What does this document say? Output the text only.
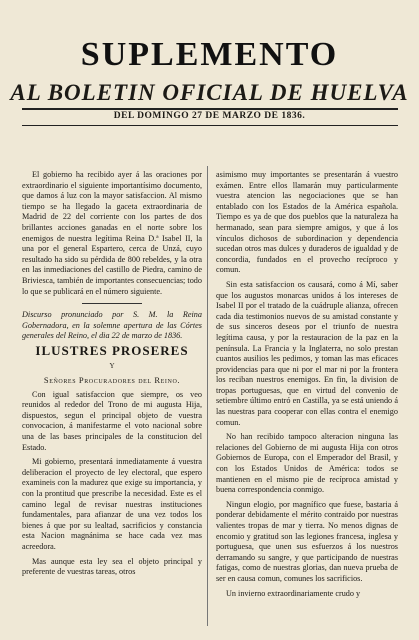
SUPLEMENTO
AL BOLETIN OFICIAL DE HUELVA
DEL DOMINGO 27 DE MARZO DE 1836.

El gobierno ha recibido ayer á las oraciones por extraordinario el siguiente importantísimo documento, que damos á luz con la mayor satisfaccion. Al mismo tiempo se ha llegado la gaceta extraordinaria de Madrid de 22 del corriente con los partes de dos brillantes acciones ganadas en el norte sobre los enemigos de nuestra legítima Reina D.ª Isabel II, la una por el general Espartero, cerca de Unzá, cuyo resultado ha sido su pérdida de 800 rebeldes, y la otra en las inmediaciones del castillo de Piedra, camino de Briviesca, también de importantes consecuencias; todo lo que se publicará en el número siguiente.

Discurso pronunciado por S. M. la Reina Gobernadora, en la solemne apertura de las Córtes generales del Reino, el dia 22 de marzo de 1836.

ILUSTRES PROSERES

Y

Señores Procuradores del Reino.

Con igual satisfaccion que siempre, os veo reunidos al rededor del Trono de mi augusta Hija, dispuestos, segun el principal objeto de vuestra convocacion, á manifestarme el voto nacional sobre una de las bases principales de la constitucion del Estado.

Mi gobierno, presentará inmediatamente á vuestra deliberacion el proyecto de ley electoral, que espero examineis con la madurez que exige su importancia, y con la prontitud que prescribe la necesidad. Este es el camino legal de revisar nuestras instituciones fundamentales, para afianzar de una vez todos los bienes á que por su lealtad, sacrificios y constancia esta Nacion magnánima se hace cada vez mas acreedora.

Mas aunque esta ley sea el objeto principal y preferente de vuestras tareas, otros

asimismo muy importantes se presentarán á vuestro exámen. Entre ellos llamarán muy particularmente vuestra atencion las negociaciones que se han entablado con los Estados de la América española. Tiempo es ya de que dos pueblos que la naturaleza ha hermanado, sean para siempre amigos, y que á los vínculos dichosos de subordinacion y dependencia sucedan otros mas dulces y duraderos de igualdad y de concordia, fundados en el provecho recíproco y comun.

Sin esta satisfaccion os causará, como á Mí, saber que los augustos monarcas unidos á los intereses de Isabel II por el tratado de la cuádruple alianza, ofrecen cada dia testimonios nuevos de su amistad constante y de sus sinceros deseos por el triunfo de nuestra legítima causa, y por la restauracion de la paz en la península. La Francia y la Inglaterra, no solo prestan cuantos ausilios les pedimos, y toman las mas eficaces providencias para que ni por el mar ni por la frontera los reciban nuestros enemigos. En fin, la division de tropas portuguesas, que en virtud del convenio de setiembre último entró en Castilla, ya se está uniendo á las nuestras para cooperar con ellas contra el enemigo comun.

No han recibido tampoco alteracion ninguna las relaciones del Gobierno de mi augusta Hija con otros Gobiernos de Europa, con el Emperador del Brasil, y con los Estados Unidos de América: todos se mantienen en el mismo pie de recíproca amistad y buena correspondencia conmigo.

Ningun elogio, por magnífico que fuese, bastaria á ponderar debidamente el mérito contraido por nuestras valientes tropas de mar y tierra. No menos dignas de encomio y gratitud son las legiones francesa, inglesa y portuguesa, que unen sus esfuerzos á los nuestros derramando su sangre, y que participando de nuestras fatigas, como de nuestras glorias, dan nueva prueba de ser en causa comun, comunes los sacrificios.

Un invierno extraordinariamente crudo y
